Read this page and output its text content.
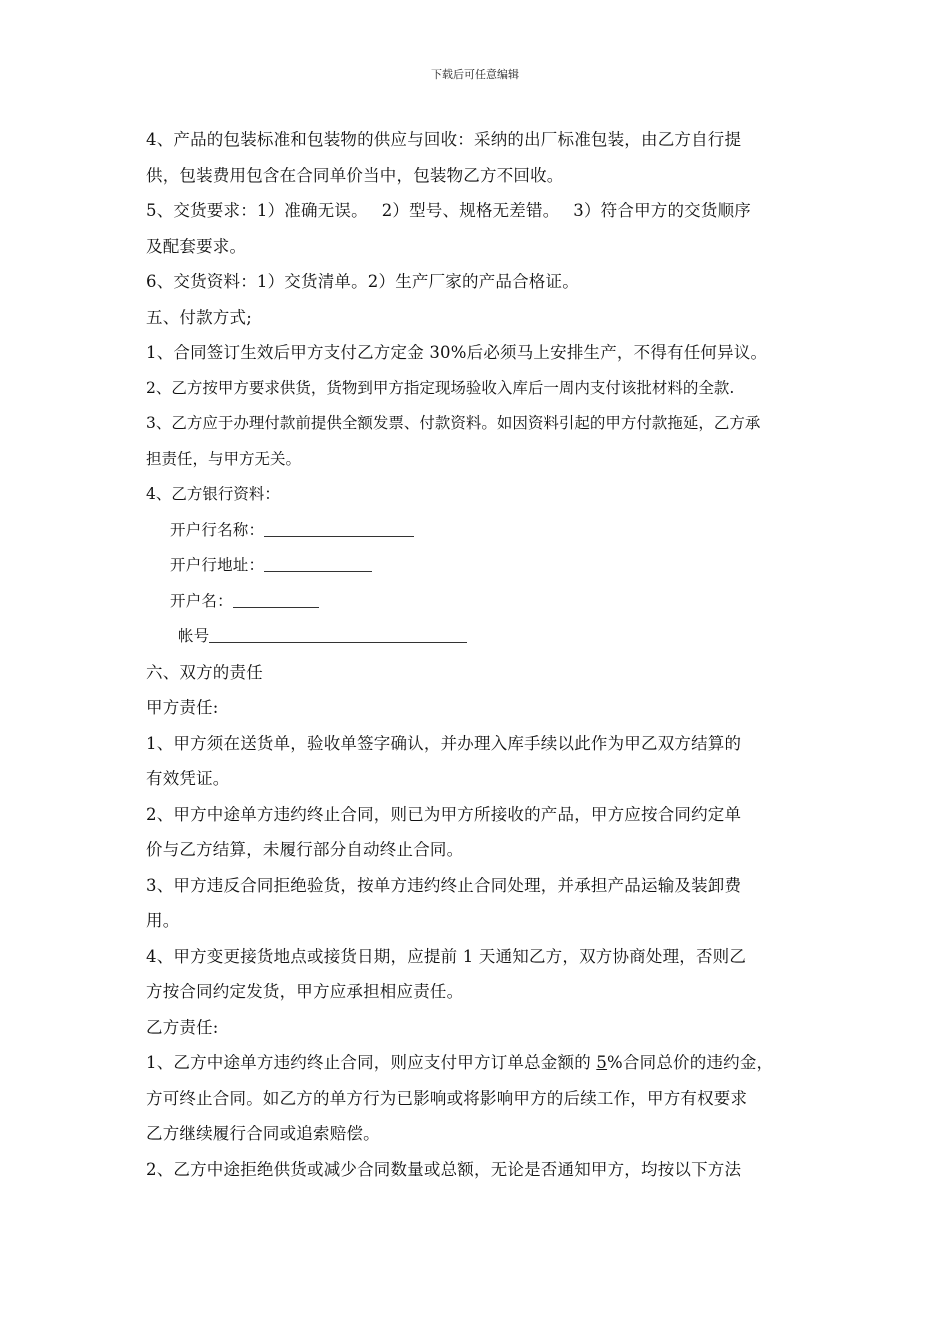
下载后可任意编辑

4、产品的包装标准和包装物的供应与回收：采纳的出厂标准包装，由乙方自行提

供，包装费用包含在合同单价当中，包装物乙方不回收。

5、交货要求：1）准确无误。　 2）型号、规格无差错。　 3）符合甲方的交货顺序

及配套要求。

6、交货资料：1）交货清单。2）生产厂家的产品合格证。

五、付款方式;

1、合同签订生效后甲方支付乙方定金 30%后必须马上安排生产，不得有任何异议。

2、乙方按甲方要求供货，货物到甲方指定现场验收入库后一周内支付该批材料的全款.

3、乙方应于办理付款前提供全额发票、付款资料。如因资料引起的甲方付款拖延，乙方承

担责任，与甲方无关。

4、乙方银行资料：

开户行名称：

开户行地址：

开户名：

帐号

六、双方的责任

甲方责任:

1、甲方须在送货单，验收单签字确认，并办理入库手续以此作为甲乙双方结算的

有效凭证。

2、甲方中途单方违约终止合同，则已为甲方所接收的产品，甲方应按合同约定单

价与乙方结算，未履行部分自动终止合同。

3、甲方违反合同拒绝验货，按单方违约终止合同处理，并承担产品运输及装卸费

用。

4、甲方变更接货地点或接货日期，应提前 1 天通知乙方，双方协商处理，否则乙

方按合同约定发货，甲方应承担相应责任。

乙方责任:

1、乙方中途单方违约终止合同，则应支付甲方订单总金额的 5%合同总价的违约金，

方可终止合同。如乙方的单方行为已影响或将影响甲方的后续工作，甲方有权要求

乙方继续履行合同或追索赔偿。

2、乙方中途拒绝供货或减少合同数量或总额，无论是否通知甲方，均按以下方法
